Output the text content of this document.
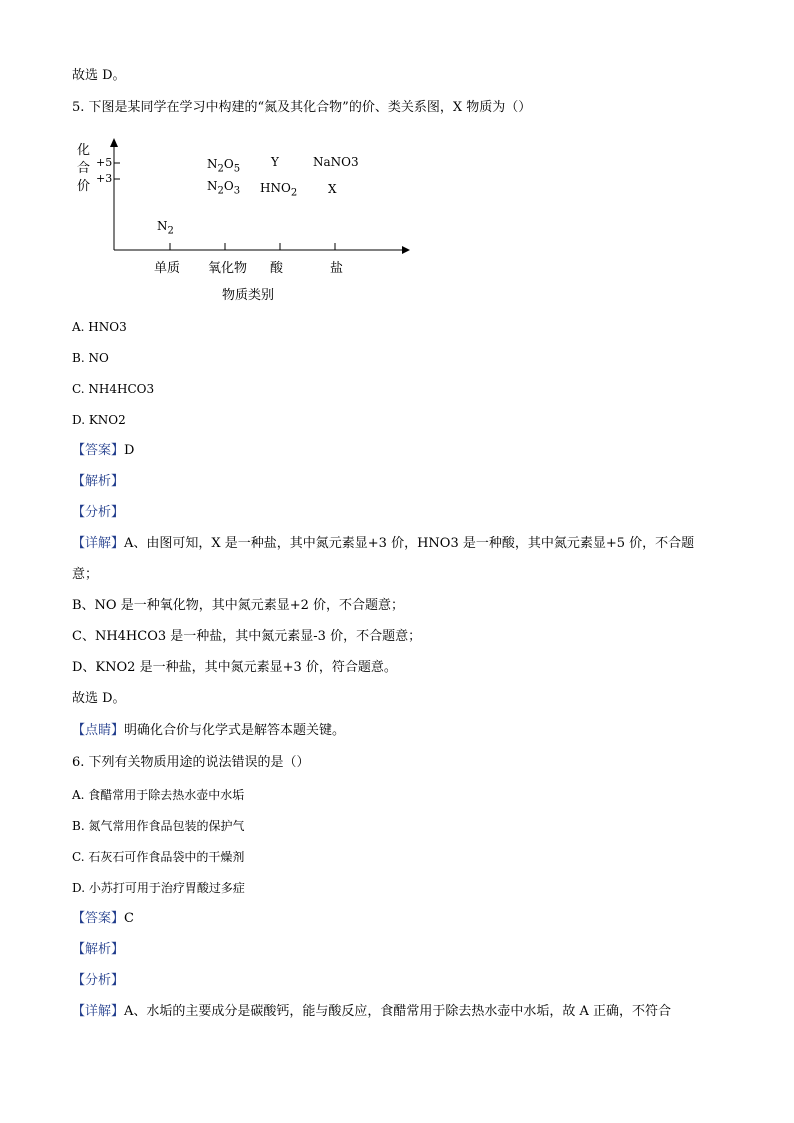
故选 D。
5. 下图是某同学在学习中构建的“氮及其化合物”的价、类关系图，X 物质为（）
化
合
价
+5
+3
$N_2O_5$	Y	NaNO3
$N_2O_3$ $HNO_2$	X
$N_2$
单质 氧化物 酸	盐
物质类别
A. HNO3
B. NO
C. NH4HCO3
D. KNO2
【答案】D
【解析】
【分析】
【详解】A、由图可知，X 是一种盐，其中氮元素显+3 价，HNO3 是一种酸，其中氮元素显+5 价，不合题
意；
B、NO 是一种氧化物，其中氮元素显+2 价，不合题意；
C、NH4HCO3 是一种盐，其中氮元素显-3 价，不合题意；
D、KNO2 是一种盐，其中氮元素显+3 价，符合题意。
故选 D。
【点睛】明确化合价与化学式是解答本题关键。
6. 下列有关物质用途的说法错误的是（）
A. 食醋常用于除去热水壶中水垢
B. 氮气常用作食品包装的保护气
C. 石灰石可作食品袋中的干燥剂
D. 小苏打可用于治疗胃酸过多症
【答案】C
【解析】
【分析】
【详解】A、水垢的主要成分是碳酸钙，能与酸反应，食醋常用于除去热水壶中水垢，故 A 正确，不符合
